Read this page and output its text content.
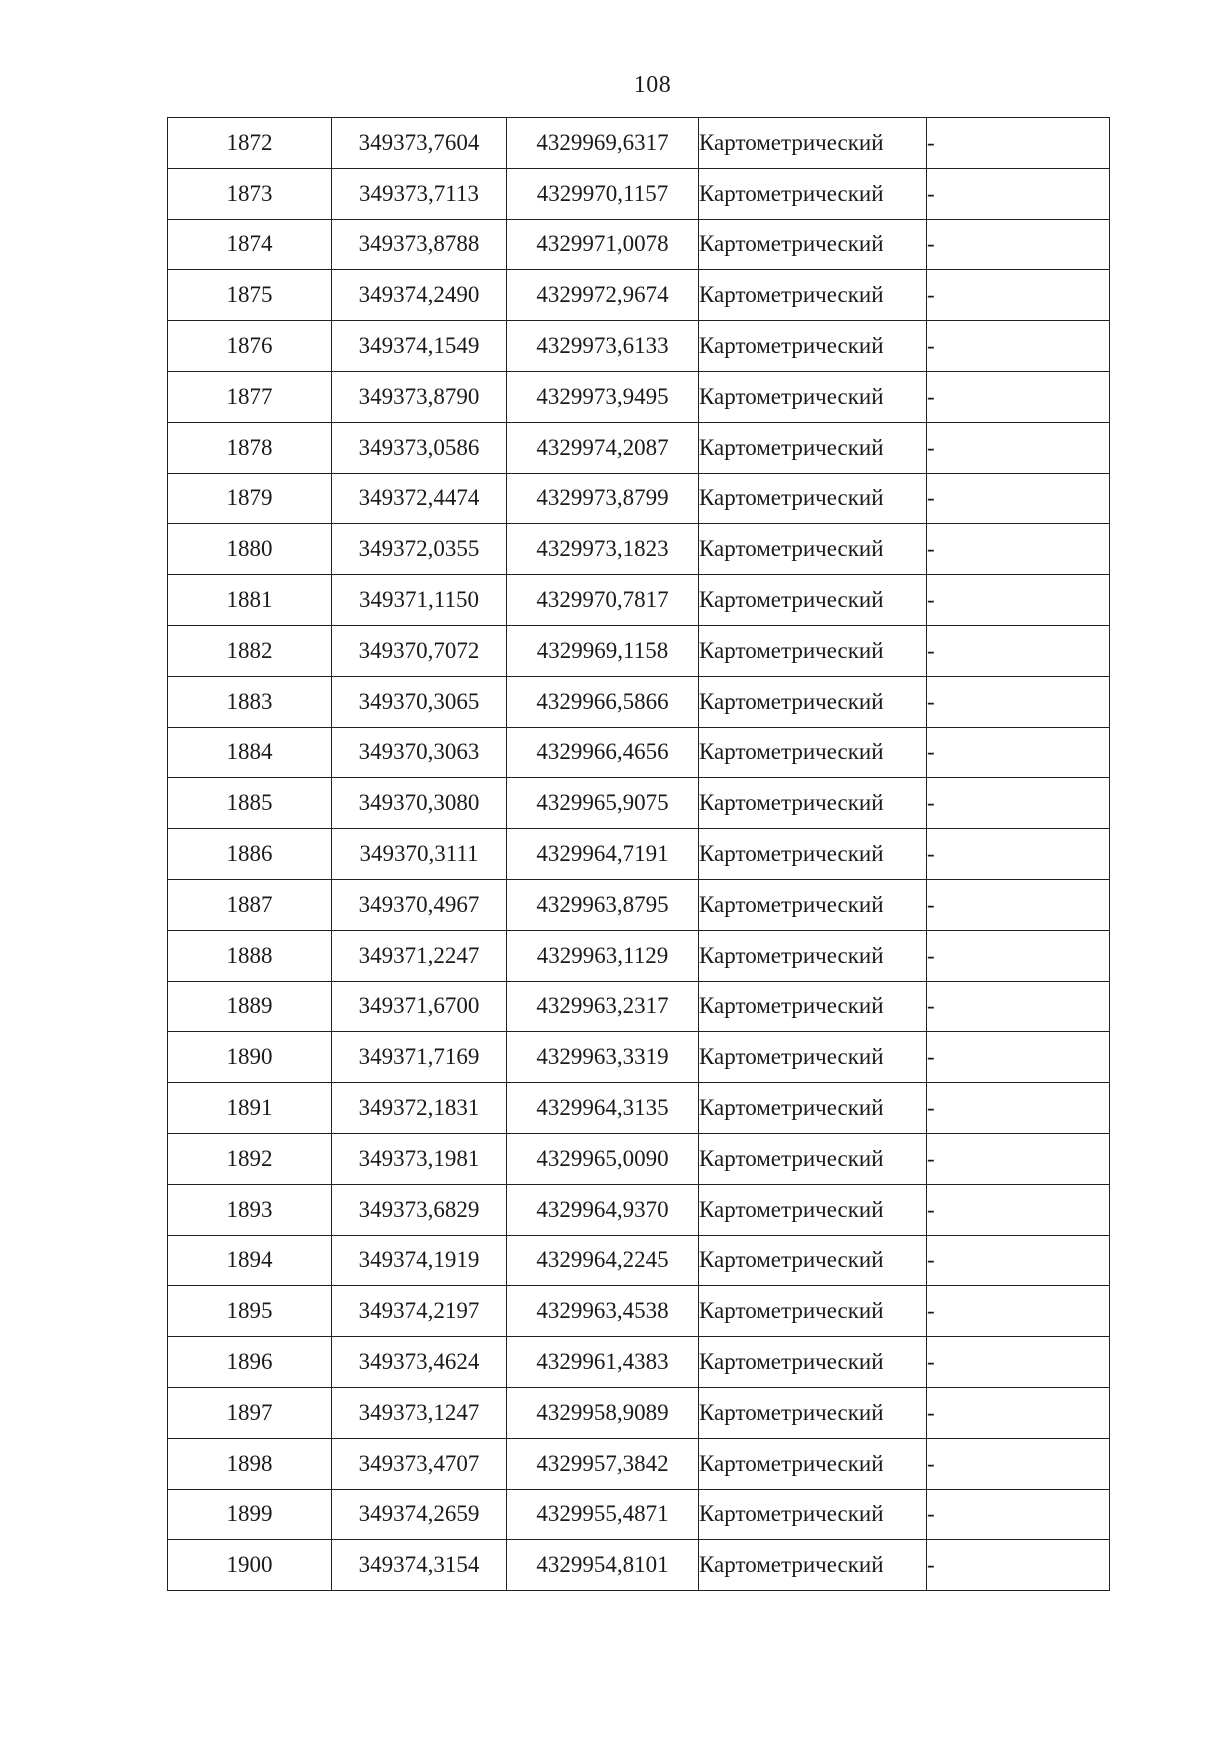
108
1872	349373,7604	4329969,6317	Картометрический	-
1873	349373,7113	4329970,1157	Картометрический	-
1874	349373,8788	4329971,0078	Картометрический	-
1875	349374,2490	4329972,9674	Картометрический	-
1876	349374,1549	4329973,6133	Картометрический	-
1877	349373,8790	4329973,9495	Картометрический	-
1878	349373,0586	4329974,2087	Картометрический	-
1879	349372,4474	4329973,8799	Картометрический	-
1880	349372,0355	4329973,1823	Картометрический	-
1881	349371,1150	4329970,7817	Картометрический	-
1882	349370,7072	4329969,1158	Картометрический	-
1883	349370,3065	4329966,5866	Картометрический	-
1884	349370,3063	4329966,4656	Картометрический	-
1885	349370,3080	4329965,9075	Картометрический	-
1886	349370,3111	4329964,7191	Картометрический	-
1887	349370,4967	4329963,8795	Картометрический	-
1888	349371,2247	4329963,1129	Картометрический	-
1889	349371,6700	4329963,2317	Картометрический	-
1890	349371,7169	4329963,3319	Картометрический	-
1891	349372,1831	4329964,3135	Картометрический	-
1892	349373,1981	4329965,0090	Картометрический	-
1893	349373,6829	4329964,9370	Картометрический	-
1894	349374,1919	4329964,2245	Картометрический	-
1895	349374,2197	4329963,4538	Картометрический	-
1896	349373,4624	4329961,4383	Картометрический	-
1897	349373,1247	4329958,9089	Картометрический	-
1898	349373,4707	4329957,3842	Картометрический	-
1899	349374,2659	4329955,4871	Картометрический	-
1900	349374,3154	4329954,8101	Картометрический	-
